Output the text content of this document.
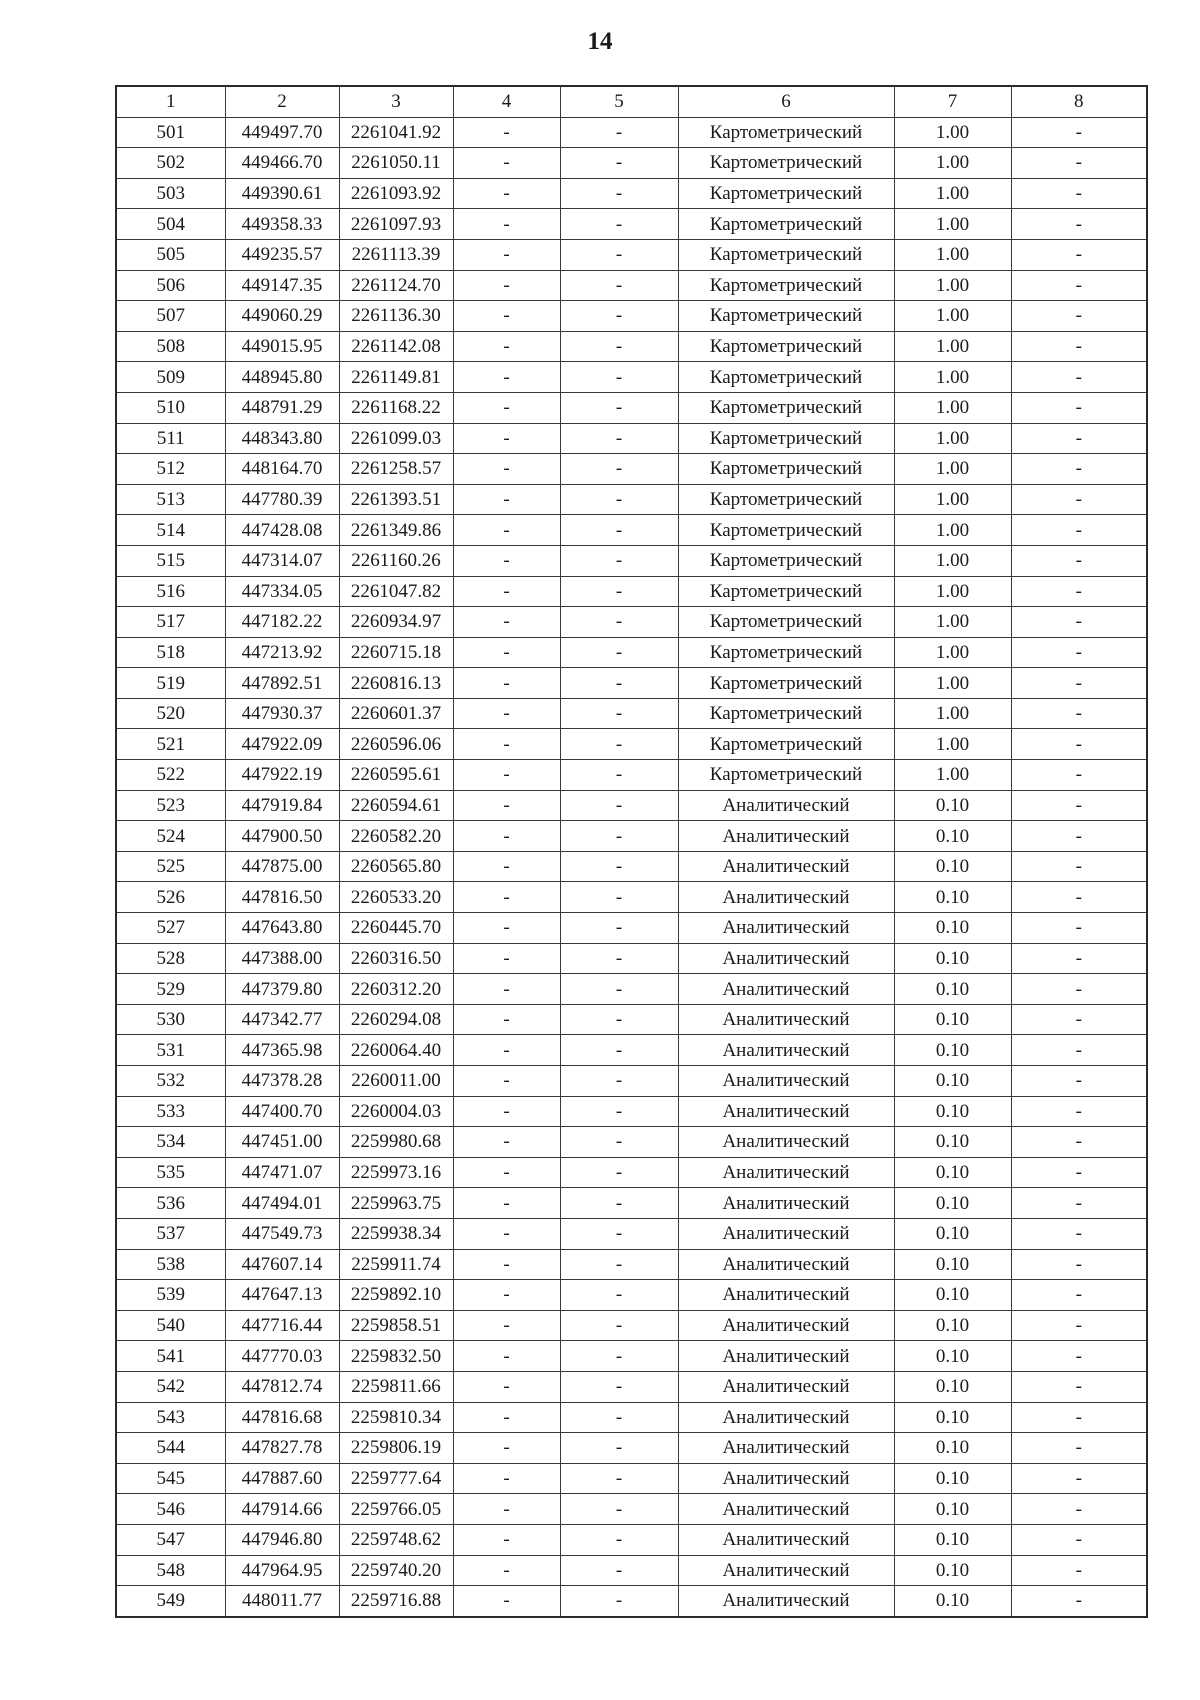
14
1	2	3	4	5	6	7	8
501	449497.70	2261041.92	-	-	Картометрический	1.00	-
502	449466.70	2261050.11	-	-	Картометрический	1.00	-
503	449390.61	2261093.92	-	-	Картометрический	1.00	-
504	449358.33	2261097.93	-	-	Картометрический	1.00	-
505	449235.57	2261113.39	-	-	Картометрический	1.00	-
506	449147.35	2261124.70	-	-	Картометрический	1.00	-
507	449060.29	2261136.30	-	-	Картометрический	1.00	-
508	449015.95	2261142.08	-	-	Картометрический	1.00	-
509	448945.80	2261149.81	-	-	Картометрический	1.00	-
510	448791.29	2261168.22	-	-	Картометрический	1.00	-
511	448343.80	2261099.03	-	-	Картометрический	1.00	-
512	448164.70	2261258.57	-	-	Картометрический	1.00	-
513	447780.39	2261393.51	-	-	Картометрический	1.00	-
514	447428.08	2261349.86	-	-	Картометрический	1.00	-
515	447314.07	2261160.26	-	-	Картометрический	1.00	-
516	447334.05	2261047.82	-	-	Картометрический	1.00	-
517	447182.22	2260934.97	-	-	Картометрический	1.00	-
518	447213.92	2260715.18	-	-	Картометрический	1.00	-
519	447892.51	2260816.13	-	-	Картометрический	1.00	-
520	447930.37	2260601.37	-	-	Картометрический	1.00	-
521	447922.09	2260596.06	-	-	Картометрический	1.00	-
522	447922.19	2260595.61	-	-	Картометрический	1.00	-
523	447919.84	2260594.61	-	-	Аналитический	0.10	-
524	447900.50	2260582.20	-	-	Аналитический	0.10	-
525	447875.00	2260565.80	-	-	Аналитический	0.10	-
526	447816.50	2260533.20	-	-	Аналитический	0.10	-
527	447643.80	2260445.70	-	-	Аналитический	0.10	-
528	447388.00	2260316.50	-	-	Аналитический	0.10	-
529	447379.80	2260312.20	-	-	Аналитический	0.10	-
530	447342.77	2260294.08	-	-	Аналитический	0.10	-
531	447365.98	2260064.40	-	-	Аналитический	0.10	-
532	447378.28	2260011.00	-	-	Аналитический	0.10	-
533	447400.70	2260004.03	-	-	Аналитический	0.10	-
534	447451.00	2259980.68	-	-	Аналитический	0.10	-
535	447471.07	2259973.16	-	-	Аналитический	0.10	-
536	447494.01	2259963.75	-	-	Аналитический	0.10	-
537	447549.73	2259938.34	-	-	Аналитический	0.10	-
538	447607.14	2259911.74	-	-	Аналитический	0.10	-
539	447647.13	2259892.10	-	-	Аналитический	0.10	-
540	447716.44	2259858.51	-	-	Аналитический	0.10	-
541	447770.03	2259832.50	-	-	Аналитический	0.10	-
542	447812.74	2259811.66	-	-	Аналитический	0.10	-
543	447816.68	2259810.34	-	-	Аналитический	0.10	-
544	447827.78	2259806.19	-	-	Аналитический	0.10	-
545	447887.60	2259777.64	-	-	Аналитический	0.10	-
546	447914.66	2259766.05	-	-	Аналитический	0.10	-
547	447946.80	2259748.62	-	-	Аналитический	0.10	-
548	447964.95	2259740.20	-	-	Аналитический	0.10	-
549	448011.77	2259716.88	-	-	Аналитический	0.10	-
